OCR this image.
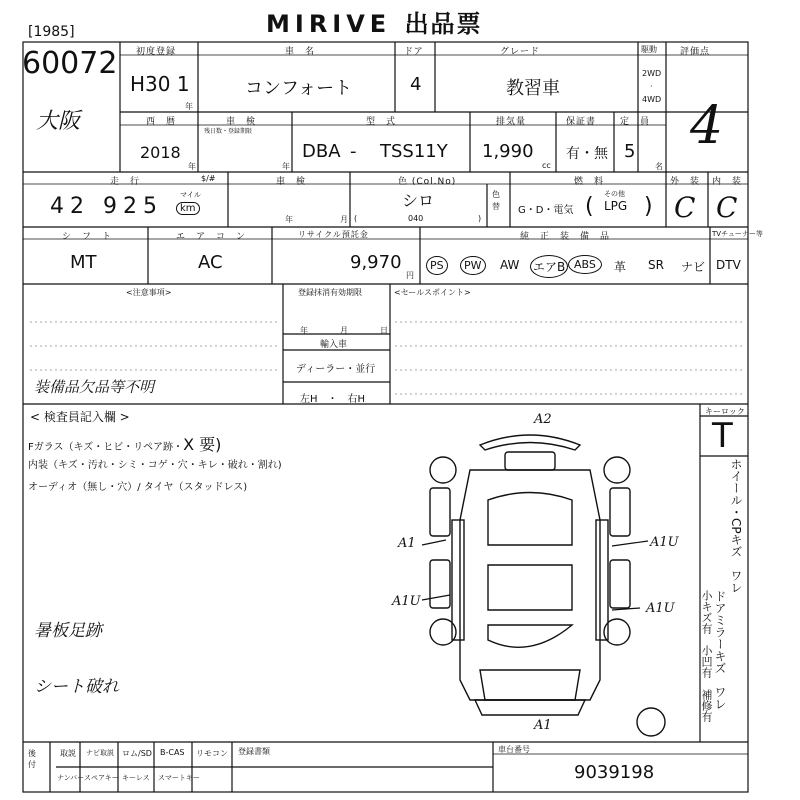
MIRIVE 出品票
[1985]
60072
大阪
初度登録
H30 1
年
車　名
コンフォート
ドア
4
グレード
教習車
駆動
2WD
·
4WD
評価点
4
西　暦
2018
年
車　検
残日数・登録期限
年
型　式
DBA - TSS11Y
排気量
1,990
cc
保証書
有・無
定　員
5
名
走　行	$/#
42 925 マイル
km
車　検
年	月
色 (Col.No)
シロ
(	040	)
色替
燃　料
G・D・電気 ( その他
LPG )
外　装
C
内　装
C
シ　フ　ト
MT
エ　ア　コ　ン
AC
リサイクル預託金
9,970
円
純　正　装　備　品	TVチューナー等
PS	PW	AW エアB ABS	革 SR ナビ DTV
<注意事項>	登録抹消有効期限
年	月	日
輸入車
ディーラー・並行
左H　・　右H
<セールスポイント>
装備品欠品等不明
< 検査員記入欄 >
Fガラス（キズ・ヒビ・リペア跡・X 要)
内装（キズ・汚れ・シミ・コゲ・穴・キレ・破れ・割れ)
オーディオ（無し・穴）/ タイヤ（スタッドレス)
暑板足跡
シート破れ
キーロック
T
ホイール・CPキズ　ワレ
ドアミラーキズ　ワレ
小キズ有　小凹有　補修有
A2
A1
A1U
A1U
A1U
A1
後付
取説 ナビ取説 ロム/SD B-CAS リモコン
ナンバー スペアキー キーレス スマートキー
登録書類	車台番号
9039198
